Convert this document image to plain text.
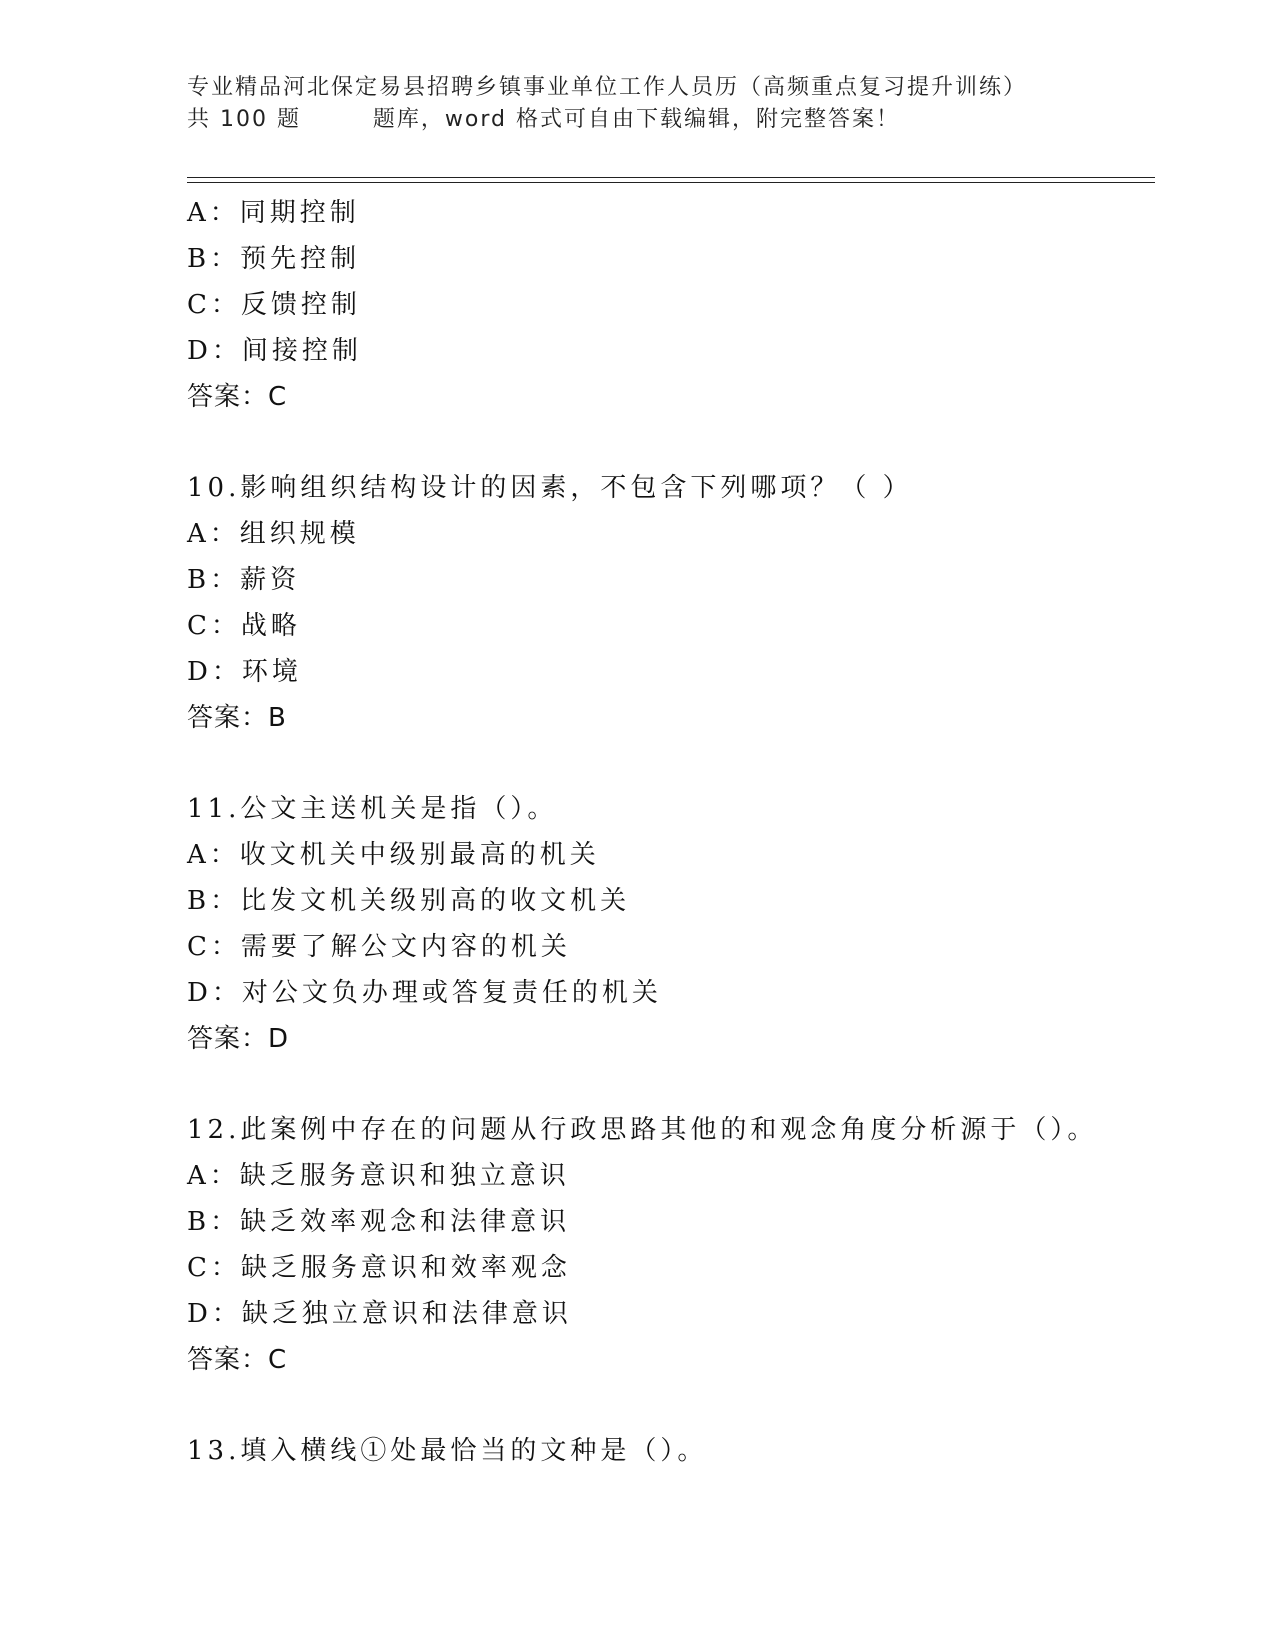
专业精品河北保定易县招聘乡镇事业单位工作人员历（高频重点复习提升训练）
共 100 题        题库，word 格式可自由下载编辑，附完整答案！
A：同期控制
B：预先控制
C：反馈控制
D：间接控制
答案：C
10.影响组织结构设计的因素，不包含下列哪项？（ ）
A：组织规模
B：薪资
C：战略
D：环境
答案：B
11.公文主送机关是指（）。
A：收文机关中级别最高的机关
B：比发文机关级别高的收文机关
C：需要了解公文内容的机关
D：对公文负办理或答复责任的机关
答案：D
12.此案例中存在的问题从行政思路其他的和观念角度分析源于（）。
A：缺乏服务意识和独立意识
B：缺乏效率观念和法律意识
C：缺乏服务意识和效率观念
D：缺乏独立意识和法律意识
答案：C
13.填入横线①处最恰当的文种是（）。
